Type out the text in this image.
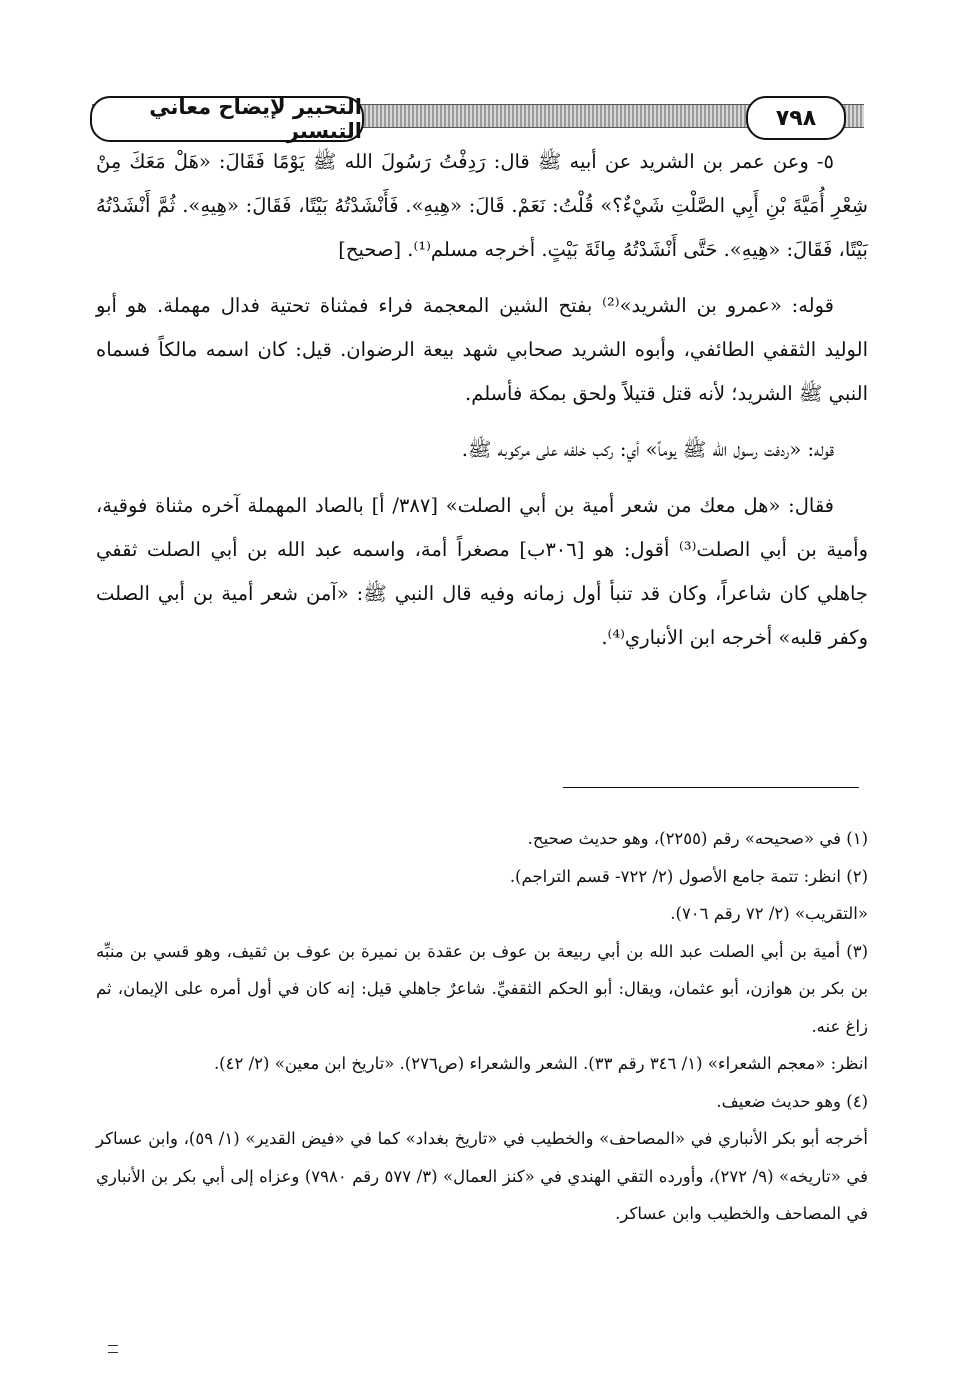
التحبير لإيضاح معاني التيسير
٧٩٨

٥- وعن عمر بن الشريد عن أبيه ﷺ قال: رَدِفْتُ رَسُولَ الله ﷺ يَوْمًا فَقَالَ: «هَلْ مَعَكَ مِنْ شِعْرِ أُمَيَّةَ بْنِ أَبِي الصَّلْتِ شَيْءٌ؟» قُلْتُ: نَعَمْ. قَالَ: «هِيهِ». فَأَنْشَدْتُهُ بَيْتًا، فَقَالَ: «هِيهِ». ثُمَّ أَنْشَدْتُهُ بَيْتًا، فَقَالَ: «هِيهِ». حَتَّى أَنْشَدْتُهُ مِائَةَ بَيْتٍ. أخرجه مسلم⁽¹⁾. [صحيح]

قوله: «عمرو بن الشريد»⁽²⁾ بفتح الشين المعجمة فراء فمثناة تحتية فدال مهملة. هو أبو الوليد الثقفي الطائفي، وأبوه الشريد صحابي شهد بيعة الرضوان. قيل: كان اسمه مالكاً فسماه النبي ﷺ الشريد؛ لأنه قتل قتيلاً ولحق بمكة فأسلم.

قوله: «ردفت رسول الله ﷺ يوماً» أي: ركب خلفه على مركوبه ﷺ.

فقال: «هل معك من شعر أمية بن أبي الصلت» [٣٨٧/ أ] بالصاد المهملة آخره مثناة فوقية، وأمية بن أبي الصلت⁽³⁾ أقول: هو [٣٠٦ب] مصغراً أمة، واسمه عبد الله بن أبي الصلت ثقفي جاهلي كان شاعراً، وكان قد تنبأ أول زمانه وفيه قال النبي ﷺ: «آمن شعر أمية بن أبي الصلت وكفر قلبه» أخرجه ابن الأنباري⁽⁴⁾.

(١) في «صحيحه» رقم (٢٢٥٥)، وهو حديث صحيح.

(٢) انظر: تتمة جامع الأصول (٢/ ٧٢٢- قسم التراجم).

«التقريب» (٢/ ٧٢ رقم ٧٠٦).

(٣) أمية بن أبي الصلت عبد الله بن أبي ربيعة بن عوف بن عقدة بن نميرة بن عوف بن ثقيف، وهو قسي بن منبِّه بن بكر بن هوازن، أبو عثمان، ويقال: أبو الحكم الثقفيِّ. شاعرٌ جاهلي قيل: إنه كان في أول أمره على الإيمان، ثم زاغ عنه.

انظر: «معجم الشعراء» (١/ ٣٤٦ رقم ٣٣). الشعر والشعراء (ص٢٧٦). «تاريخ ابن معين» (٢/ ٤٢).

(٤) وهو حديث ضعيف.

أخرجه أبو بكر الأنباري في «المصاحف» والخطيب في «تاريخ بغداد» كما في «فيض القدير» (١/ ٥٩)، وابن عساكر في «تاريخه» (٩/ ٢٧٢)، وأورده التقي الهندي في «كنز العمال» (٣/ ٥٧٧ رقم ٧٩٨٠) وعزاه إلى أبي بكر بن الأنباري في المصاحف والخطيب وابن عساكر.
